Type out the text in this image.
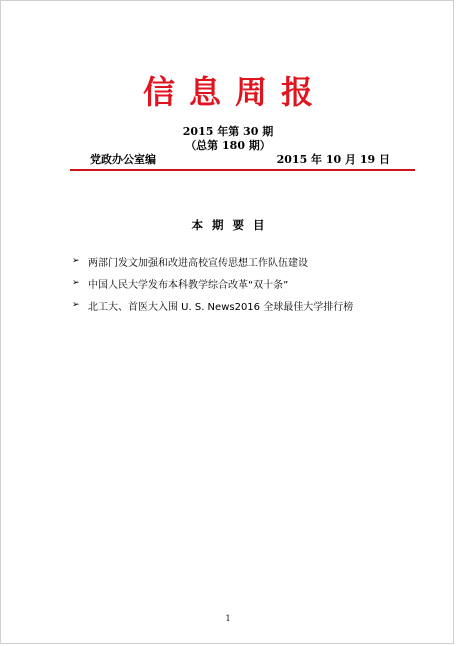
信息周报
2015 年第 30 期
（总第 180 期）
党政办公室编	2015 年 10 月 19 日
本期要目
➢ 两部门发文加强和改进高校宣传思想工作队伍建设
➢ 中国人民大学发布本科教学综合改革“双十条”
➢ 北工大、首医大入围 U. S. News2016 全球最佳大学排行榜
1
